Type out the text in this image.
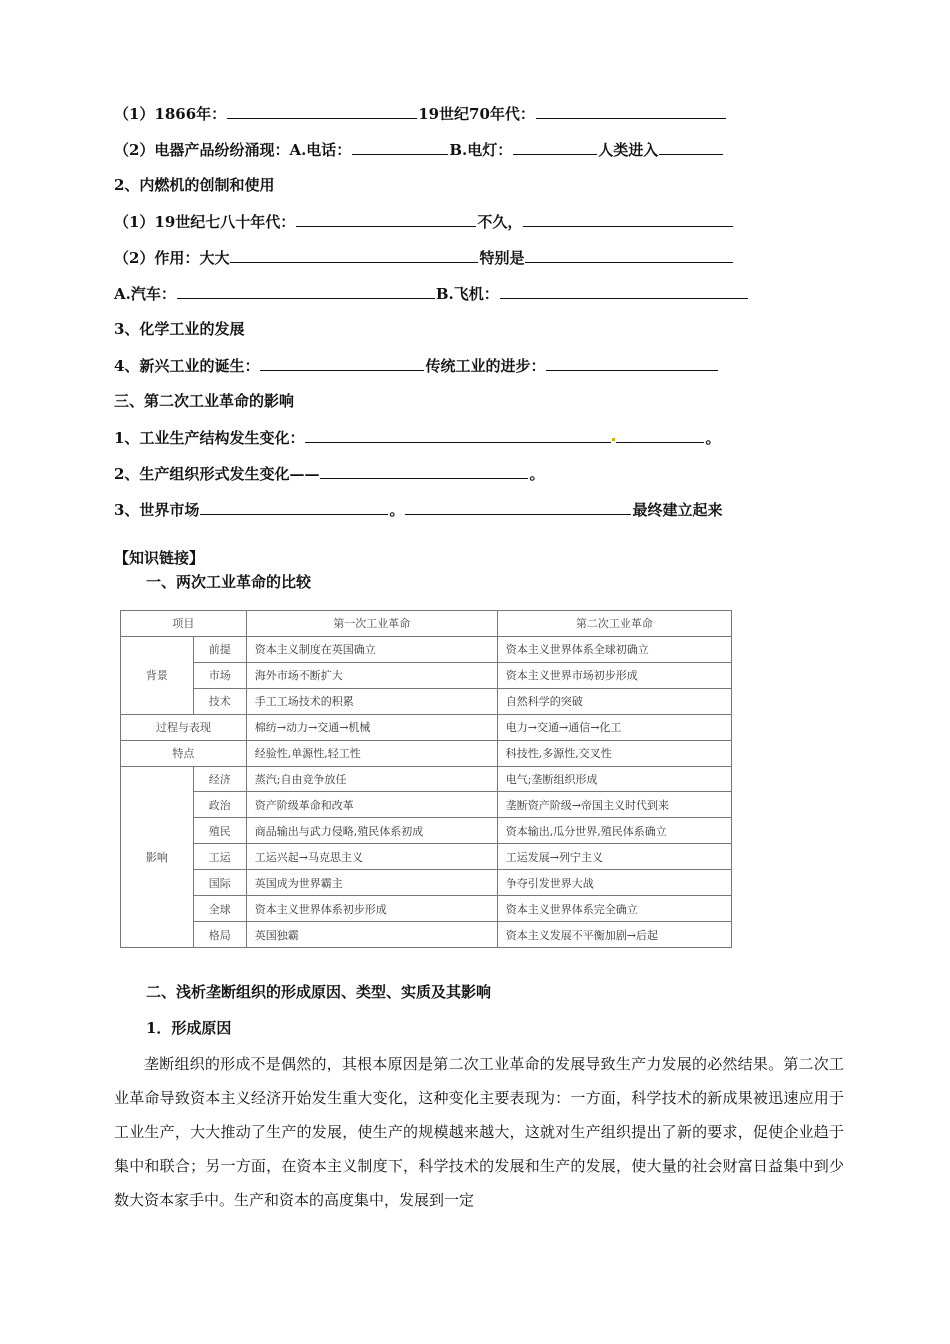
（1）1866年：	19世纪70年代：
（2）电器产品纷纷涌现：A.电话：	B.电灯：	人类进入
2、内燃机的创制和使用
（1）19世纪七八十年代：	不久，
（2）作用：大大	特别是
A.汽车：	B.飞机：
3、化学工业的发展
4、新兴工业的诞生：	传统工业的进步：
三、第二次工业革命的影响
1、工业生产结构发生变化：	。
2、生产组织形式发生变化——	。
3、世界市场	。	最终建立起来
【知识链接】
一、两次工业革命的比较
项目		第一次工业革命	第二次工业革命
背景	前提	资本主义制度在英国确立	资本主义世界体系全球初确立
	市场	海外市场不断扩大	资本主义世界市场初步形成
	技术	手工工场技术的积累	自然科学的突破
过程与表现		棉纺→动力→交通→机械	电力→交通→通信→化工
特点		经验性,单源性,轻工性	科技性,多源性,交叉性
影响	经济	蒸汽;自由竞争放任	电气;垄断组织形成
	政治	资产阶级革命和改革	垄断资产阶级→帝国主义时代到来
	殖民	商品输出与武力侵略,殖民体系初成	资本输出,瓜分世界,殖民体系确立
	工运	工运兴起→马克思主义	工运发展→列宁主义
	国际	英国成为世界霸主	争夺引发世界大战
	全球	资本主义世界体系初步形成	资本主义世界体系完全确立
	格局	英国独霸	资本主义发展不平衡加剧→后起
二、浅析垄断组织的形成原因、类型、实质及其影响
1．形成原因
垄断组织的形成不是偶然的，其根本原因是第二次工业革命的发展导致生产力发展的必然结果。第二次工业革命导致资本主义经济开始发生重大变化，这种变化主要表现为：一方面，科学技术的新成果被迅速应用于工业生产，大大推动了生产的发展，使生产的规模越来越大，这就对生产组织提出了新的要求，促使企业趋于集中和联合；另一方面，在资本主义制度下，科学技术的发展和生产的发展，使大量的社会财富日益集中到少数大资本家手中。生产和资本的高度集中，发展到一定
